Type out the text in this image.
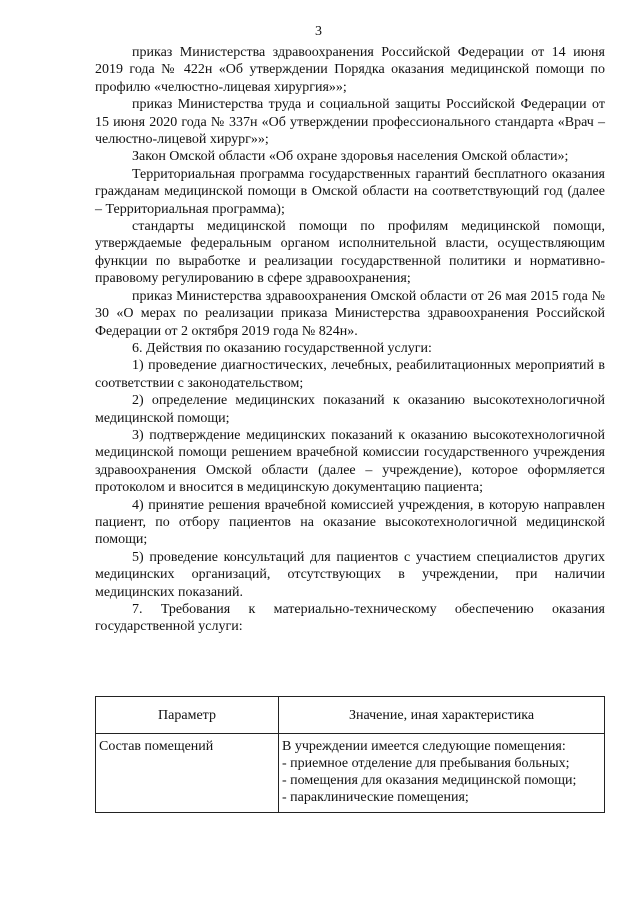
3

приказ Министерства здравоохранения Российской Федерации от 14 июня 2019 года № 422н «Об утверждении Порядка оказания медицинской помощи по профилю «челюстно-лицевая хирургия»»;

приказ Министерства труда и социальной защиты Российской Федерации от 15 июня 2020 года № 337н «Об утверждении профессионального стандарта «Врач – челюстно-лицевой хирург»»;

Закон Омской области «Об охране здоровья населения Омской области»;

Территориальная программа государственных гарантий бесплатного оказания гражданам медицинской помощи в Омской области на соответствующий год (далее – Территориальная программа);

стандарты медицинской помощи по профилям медицинской помощи, утверждаемые федеральным органом исполнительной власти, осуществляющим функции по выработке и реализации государственной политики и нормативно-правовому регулированию в сфере здравоохранения;

приказ Министерства здравоохранения Омской области от 26 мая 2015 года № 30 «О мерах по реализации приказа Министерства здравоохранения Российской Федерации от 2 октября 2019 года № 824н».

6. Действия по оказанию государственной услуги:

1) проведение диагностических, лечебных, реабилитационных мероприятий в соответствии с законодательством;

2) определение медицинских показаний к оказанию высокотехнологичной медицинской помощи;

3) подтверждение медицинских показаний к оказанию высокотехнологичной медицинской помощи решением врачебной комиссии государственного учреждения здравоохранения Омской области (далее – учреждение), которое оформляется протоколом и вносится в медицинскую документацию пациента;

4) принятие решения врачебной комиссией учреждения, в которую направлен пациент, по отбору пациентов на оказание высокотехнологичной медицинской помощи;

5) проведение консультаций для пациентов с участием специалистов других медицинских организаций, отсутствующих в учреждении, при наличии медицинских показаний.

7. Требования к материально-техническому обеспечению оказания государственной услуги:

Параметр	Значение, иная характеристика
Состав помещений	В учреждении имеется следующие помещения:
- приемное отделение для пребывания больных;
- помещения для оказания медицинской помощи;
- параклинические помещения;
